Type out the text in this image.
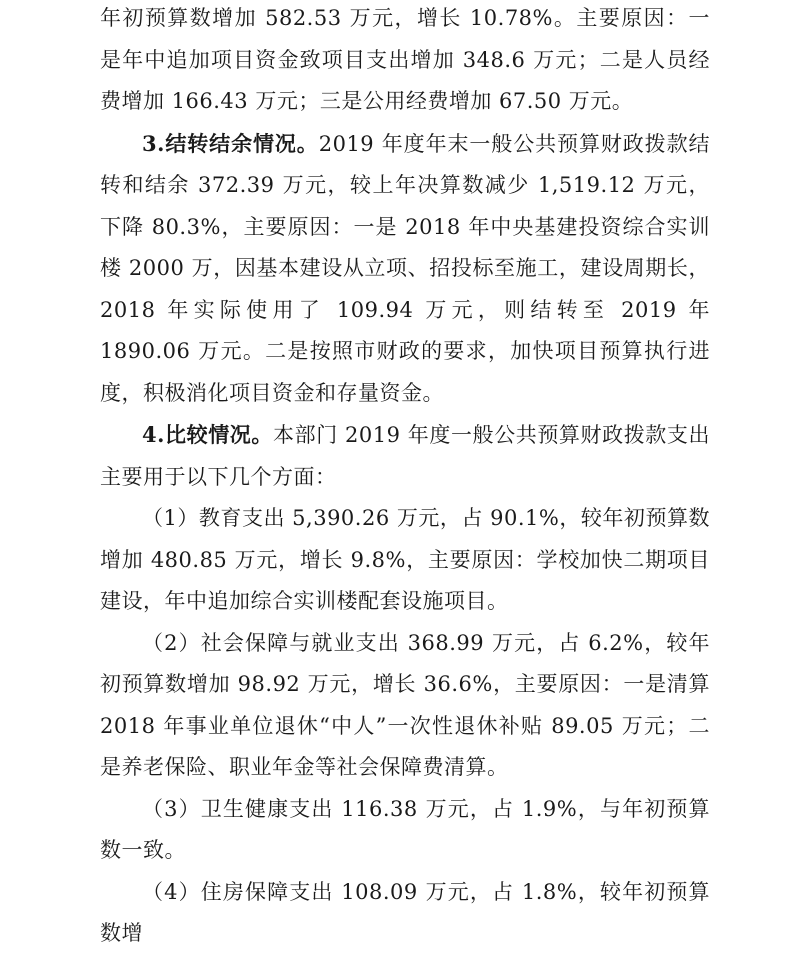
年初预算数增加 582.53 万元，增长 10.78%。主要原因：一是年中追加项目资金致项目支出增加 348.6 万元；二是人员经费增加 166.43 万元；三是公用经费增加 67.50 万元。

3.结转结余情况。2019 年度年末一般公共预算财政拨款结转和结余 372.39 万元，较上年决算数减少 1,519.12 万元，下降 80.3%，主要原因：一是 2018 年中央基建投资综合实训楼 2000 万，因基本建设从立项、招投标至施工，建设周期长，2018 年实际使用了 109.94 万元，则结转至 2019 年 1890.06 万元。二是按照市财政的要求，加快项目预算执行进度，积极消化项目资金和存量资金。

4.比较情况。本部门 2019 年度一般公共预算财政拨款支出主要用于以下几个方面：

（1）教育支出 5,390.26 万元，占 90.1%，较年初预算数增加 480.85 万元，增长 9.8%，主要原因：学校加快二期项目建设，年中追加综合实训楼配套设施项目。

（2）社会保障与就业支出 368.99 万元，占 6.2%，较年初预算数增加 98.92 万元，增长 36.6%，主要原因：一是清算 2018 年事业单位退休“中人”一次性退休补贴 89.05 万元；二是养老保险、职业年金等社会保障费清算。

（3）卫生健康支出 116.38 万元，占 1.9%，与年初预算数一致。

（4）住房保障支出 108.09 万元，占 1.8%，较年初预算数增
